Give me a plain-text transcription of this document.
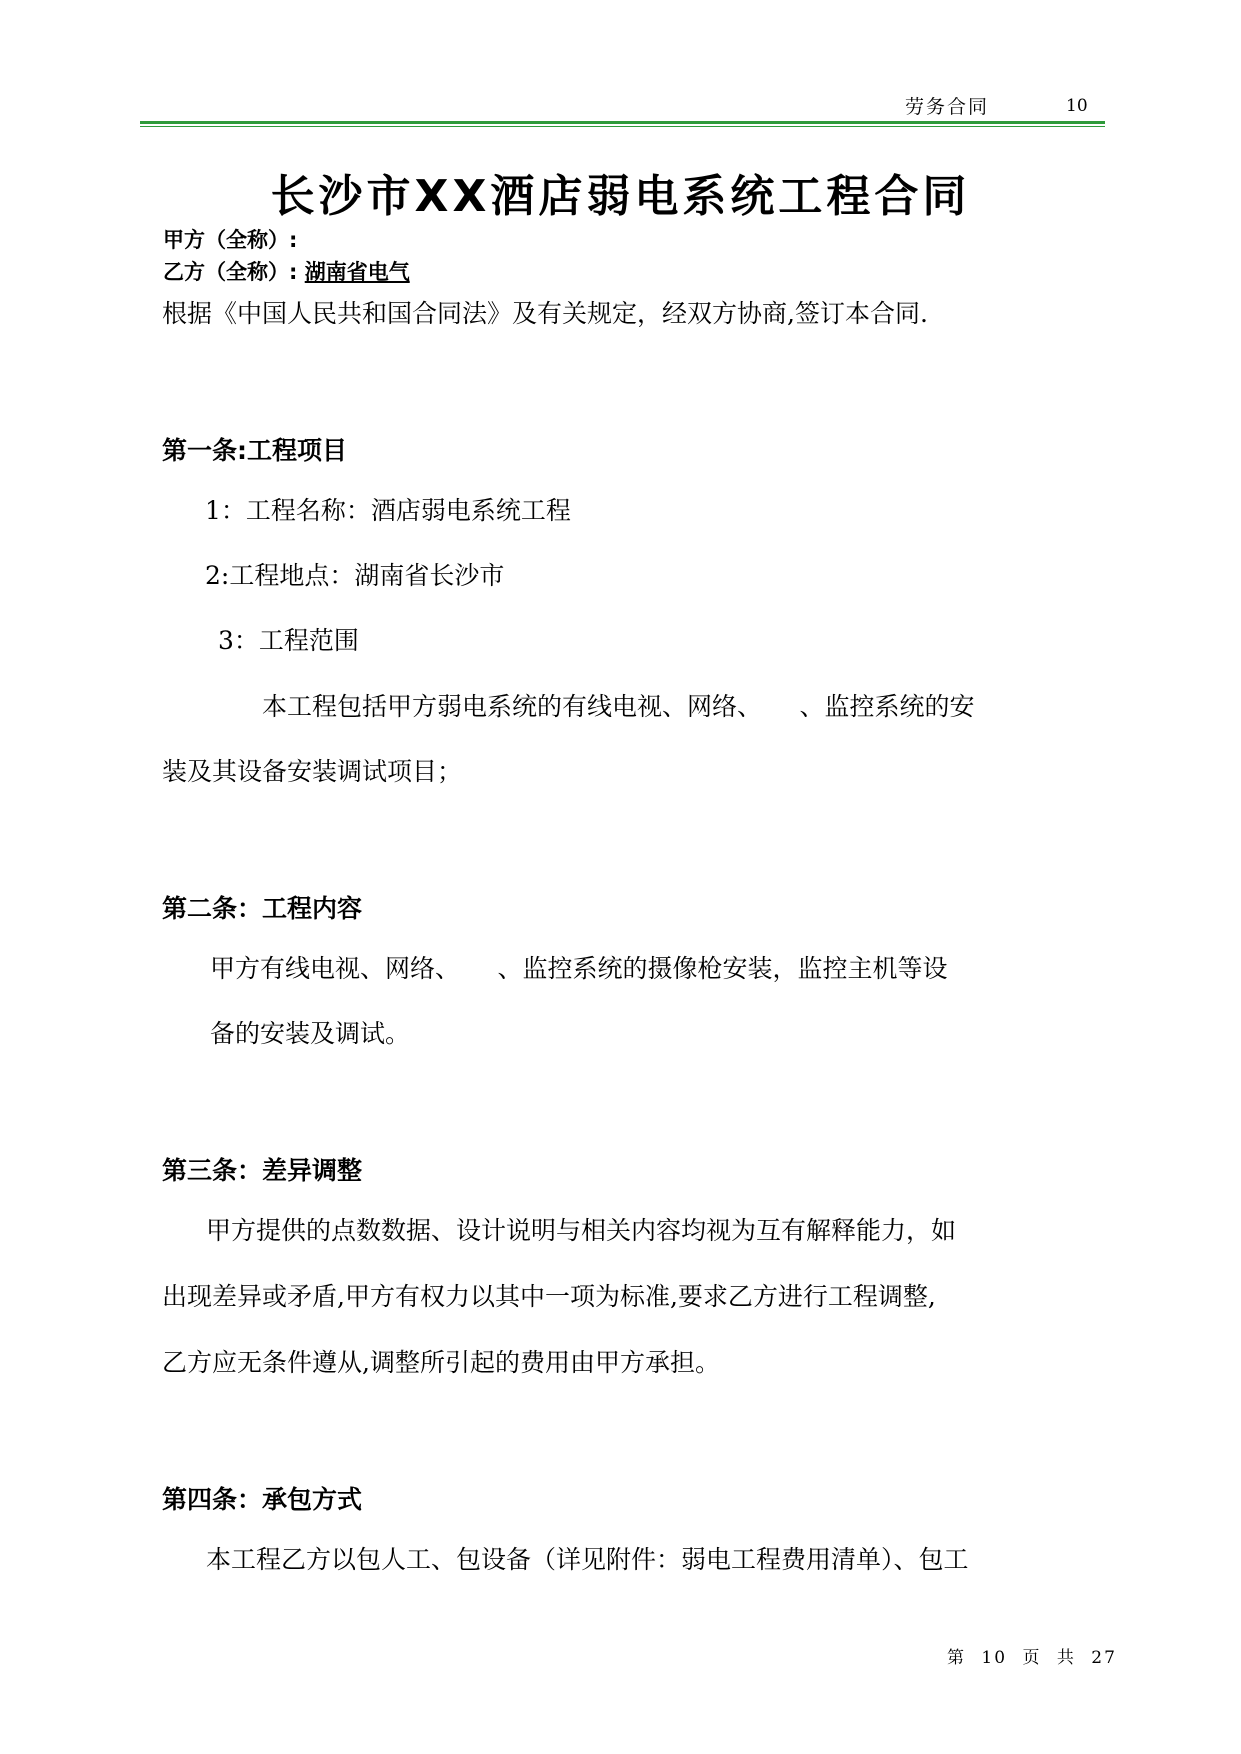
劳务合同	10
长沙市XX酒店弱电系统工程合同
甲方（全称）:
乙方（全称）: 湖南省电气
根据《中国人民共和国合同法》及有关规定，经双方协商,签订本合同.
第一条:工程项目
1：工程名称：酒店弱电系统工程
2:工程地点：湖南省长沙市
3：工程范围
本工程包括甲方弱电系统的有线电视、网络、　　、监控系统的安
装及其设备安装调试项目；
第二条：工程内容
甲方有线电视、网络、　　、监控系统的摄像枪安装，监控主机等设
备的安装及调试。
第三条：差异调整
甲方提供的点数数据、设计说明与相关内容均视为互有解释能力，如
出现差异或矛盾,甲方有权力以其中一项为标准,要求乙方进行工程调整,
乙方应无条件遵从,调整所引起的费用由甲方承担。
第四条：承包方式
本工程乙方以包人工、包设备（详见附件：弱电工程费用清单）、包工
第 10 页 共 27
